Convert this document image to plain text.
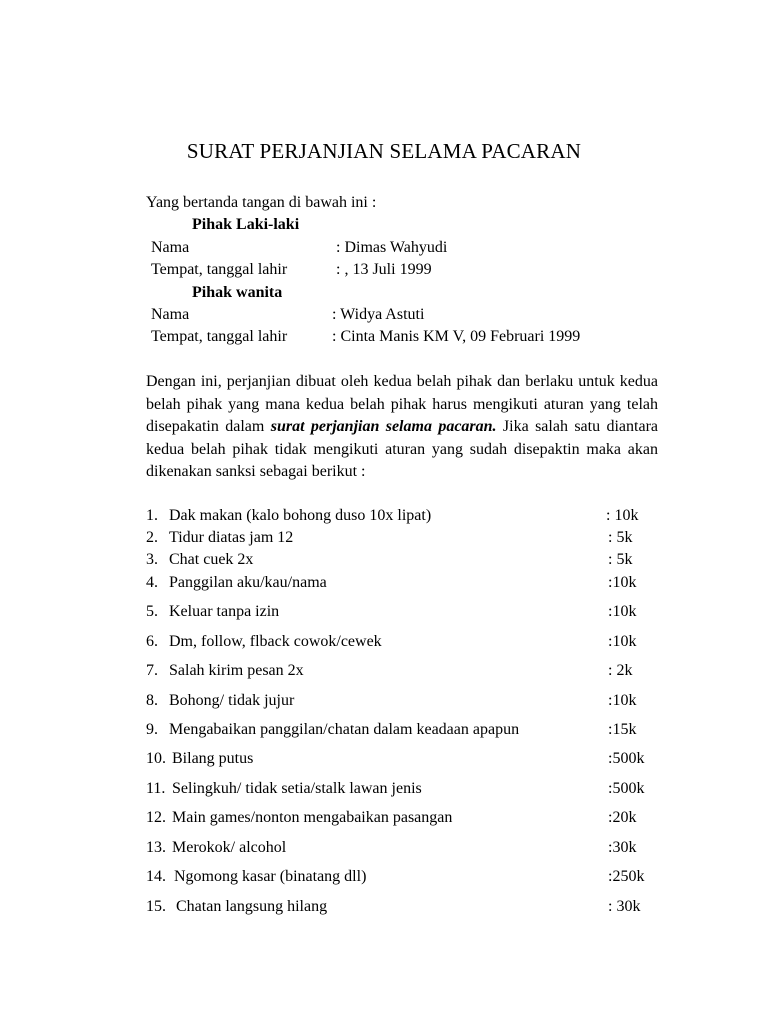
SURAT PERJANJIAN SELAMA PACARAN
Yang bertanda tangan di bawah ini :
Pihak Laki-laki
Nama	: Dimas Wahyudi
Tempat, tanggal lahir	: , 13 Juli 1999
Pihak wanita
Nama	: Widya Astuti
Tempat, tanggal lahir	: Cinta Manis KM V, 09 Februari 1999
Dengan ini, perjanjian dibuat oleh kedua belah pihak dan berlaku untuk kedua belah pihak yang mana kedua belah pihak harus mengikuti aturan yang telah disepakatin dalam surat perjanjian selama pacaran. Jika salah satu diantara kedua belah pihak tidak mengikuti aturan yang sudah disepaktin maka akan dikenakan sanksi sebagai berikut :
1. Dak makan (kalo bohong duso 10x lipat)	: 10k
2. Tidur diatas jam 12	: 5k
3. Chat cuek 2x	: 5k
4. Panggilan aku/kau/nama	:10k
5. Keluar tanpa izin	:10k
6. Dm, follow, flback cowok/cewek	:10k
7. Salah kirim pesan 2x	: 2k
8. Bohong/ tidak jujur	:10k
9. Mengabaikan panggilan/chatan dalam keadaan apapun	:15k
10. Bilang putus	:500k
11. Selingkuh/ tidak setia/stalk lawan jenis	:500k
12. Main games/nonton mengabaikan pasangan	:20k
13. Merokok/ alcohol	:30k
14. Ngomong kasar (binatang dll)	:250k
15. Chatan langsung hilang	: 30k
